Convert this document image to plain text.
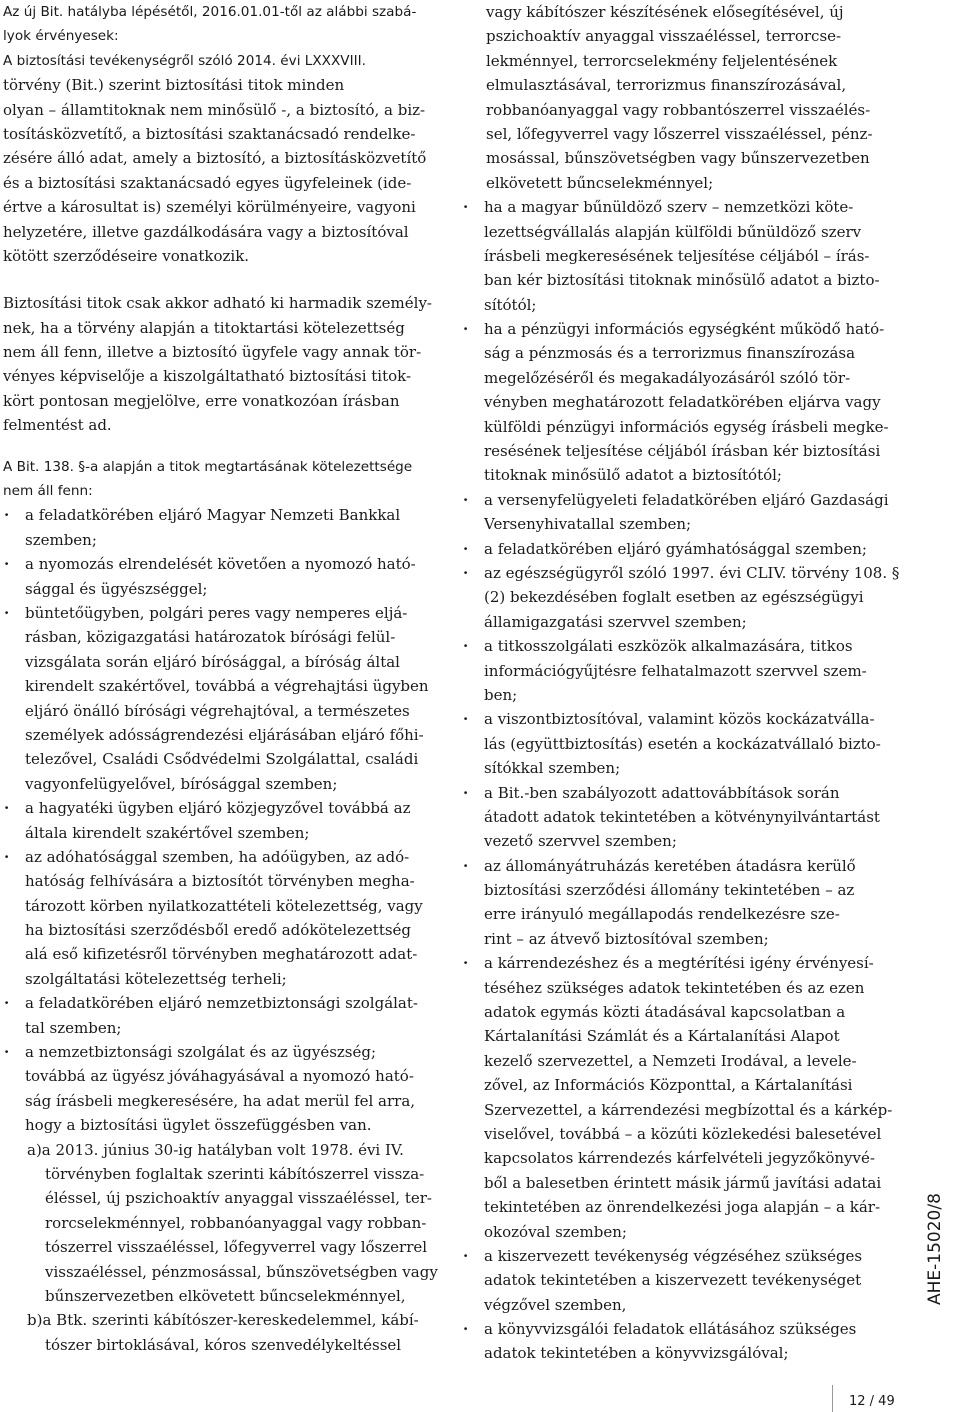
Az új Bit. hatályba lépésétől, 2016.01.01-től az alábbi szabá-
lyok érvényesek:
A biztosítási tevékenységről szóló 2014. évi LXXXVIII.
törvény (Bit.) szerint biztosítási titok minden
olyan – államtitoknak nem minősülő -, a biztosító, a biz-
tosításközvetítő, a biztosítási szaktanácsadó rendelke-
zésére álló adat, amely a biztosító, a biztosításközvetítő
és a biztosítási szaktanácsadó egyes ügyfeleinek (ide-
értve a károsultat is) személyi körülményeire, vagyoni
helyzetére, illetve gazdálkodására vagy a biztosítóval
kötött szerződéseire vonatkozik.
Biztosítási titok csak akkor adható ki harmadik személy-
nek, ha a törvény alapján a titoktartási kötelezettség
nem áll fenn, illetve a biztosító ügyfele vagy annak tör-
vényes képviselője a kiszolgáltatható biztosítási titok-
kört pontosan megjelölve, erre vonatkozóan írásban
felmentést ad.
A Bit. 138. §-a alapján a titok megtartásának kötelezettsége
nem áll fenn:
· a feladatkörében eljáró Magyar Nemzeti Bankkal
szemben;
· a nyomozás elrendelését követően a nyomozó ható-
sággal és ügyészséggel;
· büntetőügyben, polgári peres vagy nemperes eljá-
rásban, közigazgatási határozatok bírósági felül-
vizsgálata során eljáró bírósággal, a bíróság által
kirendelt szakértővel, továbbá a végrehajtási ügyben
eljáró önálló bírósági végrehajtóval, a természetes
személyek adósságrendezési eljárásában eljáró főhi-
telezővel, Családi Csődvédelmi Szolgálattal, családi
vagyonfelügyelővel, bírósággal szemben;
· a hagyatéki ügyben eljáró közjegyzővel továbbá az
általa kirendelt szakértővel szemben;
· az adóhatósággal szemben, ha adóügyben, az adó-
hatóság felhívására a biztosítót törvényben megha-
tározott körben nyilatkozattételi kötelezettség, vagy
ha biztosítási szerződésből eredő adókötelezettség
alá eső kifizetésről törvényben meghatározott adat-
szolgáltatási kötelezettség terheli;
· a feladatkörében eljáró nemzetbiztonsági szolgálat-
tal szemben;
· a nemzetbiztonsági szolgálat és az ügyészség;
továbbá az ügyész jóváhagyásával a nyomozó ható-
ság írásbeli megkeresésére, ha adat merül fel arra,
hogy a biztosítási ügylet összefüggésben van.
a)a 2013. június 30-ig hatályban volt 1978. évi IV.
törvényben foglaltak szerinti kábítószerrel vissza-
éléssel, új pszichoaktív anyaggal visszaéléssel, ter-
rorcselekménnyel, robbanóanyaggal vagy robban-
tószerrel visszaéléssel, lőfegyverrel vagy lőszerrel
visszaéléssel, pénzmosással, bűnszövetségben vagy
bűnszervezetben elkövetett bűncselekménnyel,
b)a Btk. szerinti kábítószer-kereskedelemmel, kábí-
tószer birtoklásával, kóros szenvedélykeltéssel
vagy kábítószer készítésének elősegítésével, új
pszichoaktív anyaggal visszaéléssel, terrorcse-
lekménnyel, terrorcselekmény feljelentésének
elmulasztásával, terrorizmus finanszírozásával,
robbanóanyaggal vagy robbantószerrel visszaélés-
sel, lőfegyverrel vagy lőszerrel visszaéléssel, pénz-
mosással, bűnszövetségben vagy bűnszervezetben
elkövetett bűncselekménnyel;
· ha a magyar bűnüldöző szerv – nemzetközi köte-
lezettségvállalás alapján külföldi bűnüldöző szerv
írásbeli megkeresésének teljesítése céljából – írás-
ban kér biztosítási titoknak minősülő adatot a bizto-
sítótól;
· ha a pénzügyi információs egységként működő ható-
ság a pénzmosás és a terrorizmus finanszírozása
megelőzéséről és megakadályozásáról szóló tör-
vényben meghatározott feladatkörében eljárva vagy
külföldi pénzügyi információs egység írásbeli megke-
resésének teljesítése céljából írásban kér biztosítási
titoknak minősülő adatot a biztosítótól;
· a versenyfelügyeleti feladatkörében eljáró Gazdasági
Versenyhivatallal szemben;
· a feladatkörében eljáró gyámhatósággal szemben;
· az egészségügyről szóló 1997. évi CLIV. törvény 108. §
(2) bekezdésében foglalt esetben az egészségügyi
államigazgatási szervvel szemben;
· a titkosszolgálati eszközök alkalmazására, titkos
információgyűjtésre felhatalmazott szervvel szem-
ben;
· a viszontbiztosítóval, valamint közös kockázatválla-
lás (együttbiztosítás) esetén a kockázatvállaló bizto-
sítókkal szemben;
· a Bit.-ben szabályozott adattovábbítások során
átadott adatok tekintetében a kötvénynyilvántartást
vezető szervvel szemben;
· az állományátruházás keretében átadásra kerülő
biztosítási szerződési állomány tekintetében – az
erre irányuló megállapodás rendelkezésre sze-
rint – az átvevő biztosítóval szemben;
· a kárrendezéshez és a megtérítési igény érvényesí-
téséhez szükséges adatok tekintetében és az ezen
adatok egymás közti átadásával kapcsolatban a
Kártalanítási Számlát és a Kártalanítási Alapot
kezelő szervezettel, a Nemzeti Irodával, a levele-
zővel, az Információs Központtal, a Kártalanítási
Szervezettel, a kárrendezési megbízottal és a kárkép-
viselővel, továbbá – a közúti közlekedési balesetével
kapcsolatos kárrendezés kárfelvételi jegyzőkönyvé-
ből a balesetben érintett másik jármű javítási adatai
tekintetében az önrendelkezési joga alapján – a kár-
okozóval szemben;
· a kiszervezett tevékenység végzéséhez szükséges
adatok tekintetében a kiszervezett tevékenységet
végzővel szemben,
· a könyvvizsgálói feladatok ellátásához szükséges
adatok tekintetében a könyvvizsgálóval;
AHE-15020/8
12 / 49
